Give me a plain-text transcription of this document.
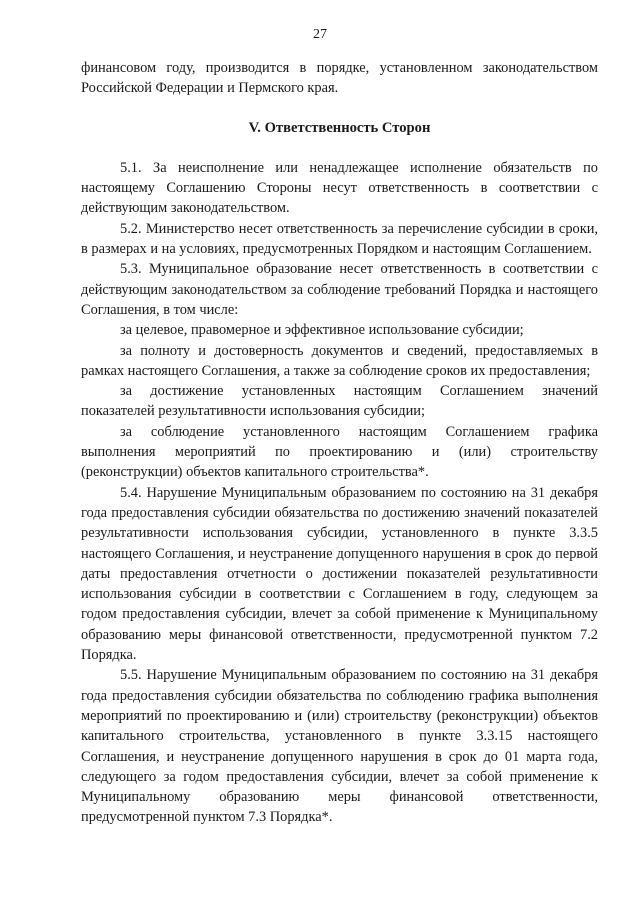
27

финансовом году, производится в порядке, установленном законодательством Российской Федерации и Пермского края.

V. Ответственность Сторон

5.1. За неисполнение или ненадлежащее исполнение обязательств по настоящему Соглашению Стороны несут ответственность в соответствии с действующим законодательством.

5.2. Министерство несет ответственность за перечисление субсидии в сроки, в размерах и на условиях, предусмотренных Порядком и настоящим Соглашением.

5.3. Муниципальное образование несет ответственность в соответствии с действующим законодательством за соблюдение требований Порядка и настоящего Соглашения, в том числе:

за целевое, правомерное и эффективное использование субсидии;

за полноту и достоверность документов и сведений, предоставляемых в рамках настоящего Соглашения, а также за соблюдение сроков их предоставления;

за достижение установленных настоящим Соглашением значений показателей результативности использования субсидии;

за соблюдение установленного настоящим Соглашением графика выполнения мероприятий по проектированию и (или) строительству (реконструкции) объектов капитального строительства*.

5.4. Нарушение Муниципальным образованием по состоянию на 31 декабря года предоставления субсидии обязательства по достижению значений показателей результативности использования субсидии, установленного в пункте 3.3.5 настоящего Соглашения, и неустранение допущенного нарушения в срок до первой даты предоставления отчетности о достижении показателей результативности использования субсидии в соответствии с Соглашением в году, следующем за годом предоставления субсидии, влечет за собой применение к Муниципальному образованию меры финансовой ответственности, предусмотренной пунктом 7.2 Порядка.

5.5. Нарушение Муниципальным образованием по состоянию на 31 декабря года предоставления субсидии обязательства по соблюдению графика выполнения мероприятий по проектированию и (или) строительству (реконструкции) объектов капитального строительства, установленного в пункте 3.3.15 настоящего Соглашения, и неустранение допущенного нарушения в срок до 01 марта года, следующего за годом предоставления субсидии, влечет за собой применение к Муниципальному образованию меры финансовой ответственности, предусмотренной пунктом 7.3 Порядка*.
